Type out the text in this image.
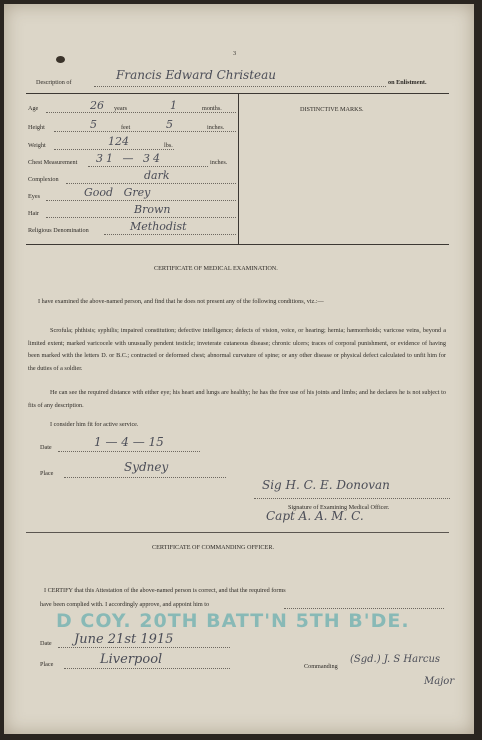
3
Description of
Francis Edward Christeau
on Enlistment.
Age	26 years	1	months.
Height	5	feet	5	inches.
Weight	124	lbs.
Chest Measurement 31 — 34	inches.
Complexion	dark
Eyes	Good   Grey
Hair	Brown
Religious Denomination	Methodist
DISTINCTIVE MARKS.
CERTIFICATE OF MEDICAL EXAMINATION.
I have examined the above-named person, and find that he does not present any of the following conditions, viz.:—
Scrofula; phthisis; syphilis; impaired constitution; defective intelligence; defects of vision, voice, or hearing; hernia; hæmorrhoids; varicose veins, beyond a limited extent; marked varicocele with unusually pendent testicle; inveterate cutaneous disease; chronic ulcers; traces of corporal punishment, or evidence of having been marked with the letters D. or B.C.; contracted or deformed chest; abnormal curvature of spine; or any other disease or physical defect calculated to unfit him for the duties of a soldier.
He can see the required distance with either eye; his heart and lungs are healthy; he has the free use of his joints and limbs; and he declares he is not subject to fits of any description.
I consider him fit for active service.
Date	1 — 4 — 15
Place	Sydney
Sig H. C. E. Donovan
Signature of Examining Medical Officer.
Capt A. A. M. C.
CERTIFICATE OF COMMANDING OFFICER.
I CERTIFY that this Attestation of the above-named person is correct, and that the required forms
have been complied with. I accordingly approve, and appoint him to
D COY. 20TH BATT'N 5TH B'DE.
Date June 21st 1915
Place	Liverpool	Commanding
(Sgd.) J. S Harcus
Major
